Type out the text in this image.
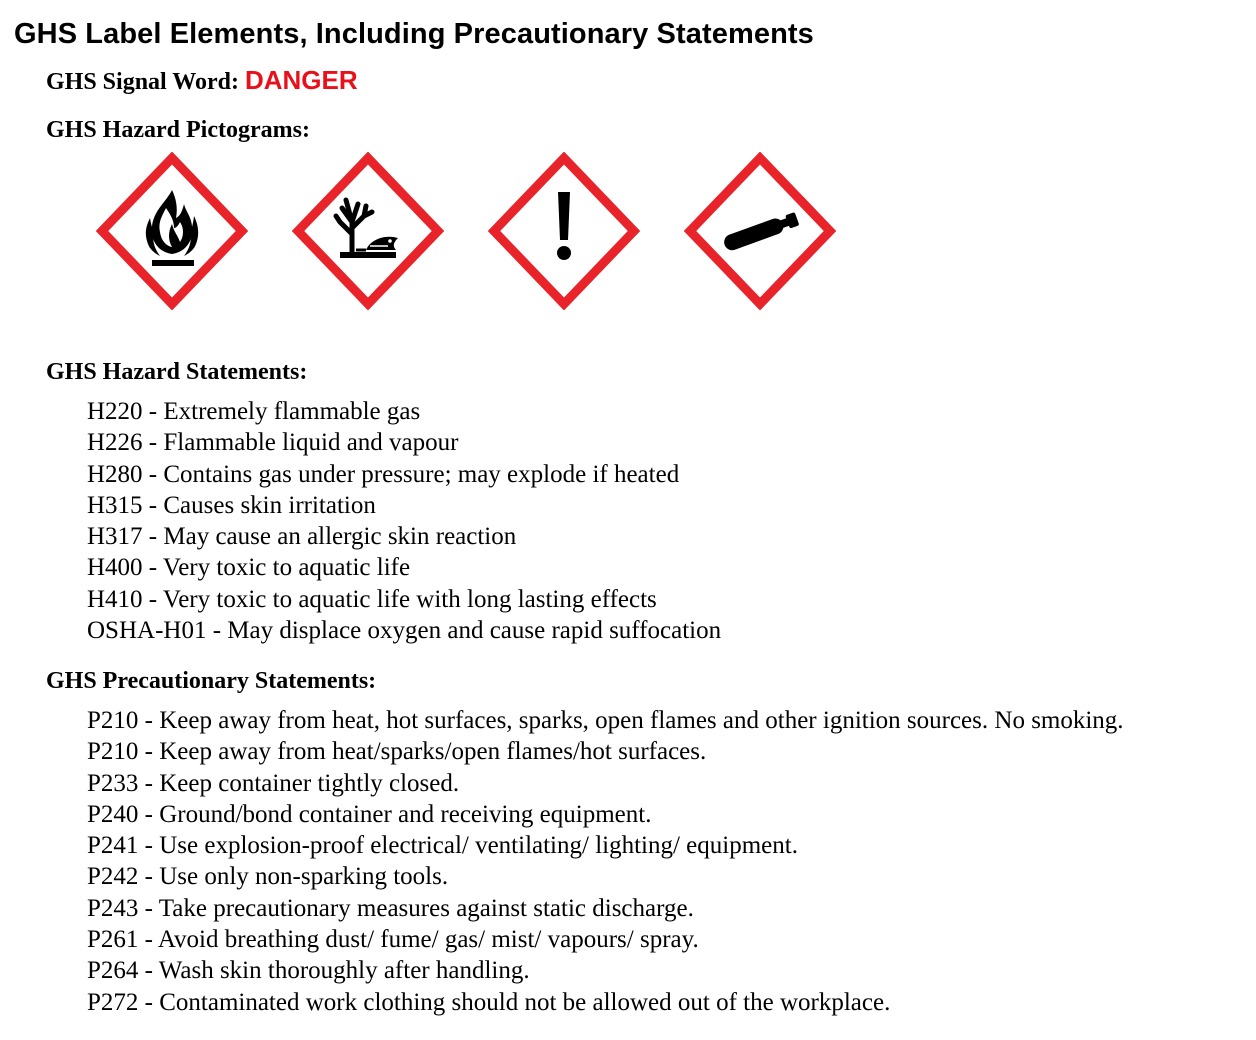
GHS Label Elements, Including Precautionary Statements
GHS Signal Word: DANGER
GHS Hazard Pictograms:
GHS Hazard Statements:
H220 - Extremely flammable gas
H226 - Flammable liquid and vapour
H280 - Contains gas under pressure; may explode if heated
H315 - Causes skin irritation
H317 - May cause an allergic skin reaction
H400 - Very toxic to aquatic life
H410 - Very toxic to aquatic life with long lasting effects
OSHA-H01 - May displace oxygen and cause rapid suffocation
GHS Precautionary Statements:
P210 - Keep away from heat, hot surfaces, sparks, open flames and other ignition sources. No smoking.
P210 - Keep away from heat/sparks/open flames/hot surfaces.
P233 - Keep container tightly closed.
P240 - Ground/bond container and receiving equipment.
P241 - Use explosion-proof electrical/ ventilating/ lighting/ equipment.
P242 - Use only non-sparking tools.
P243 - Take precautionary measures against static discharge.
P261 - Avoid breathing dust/ fume/ gas/ mist/ vapours/ spray.
P264 - Wash skin thoroughly after handling.
P272 - Contaminated work clothing should not be allowed out of the workplace.
